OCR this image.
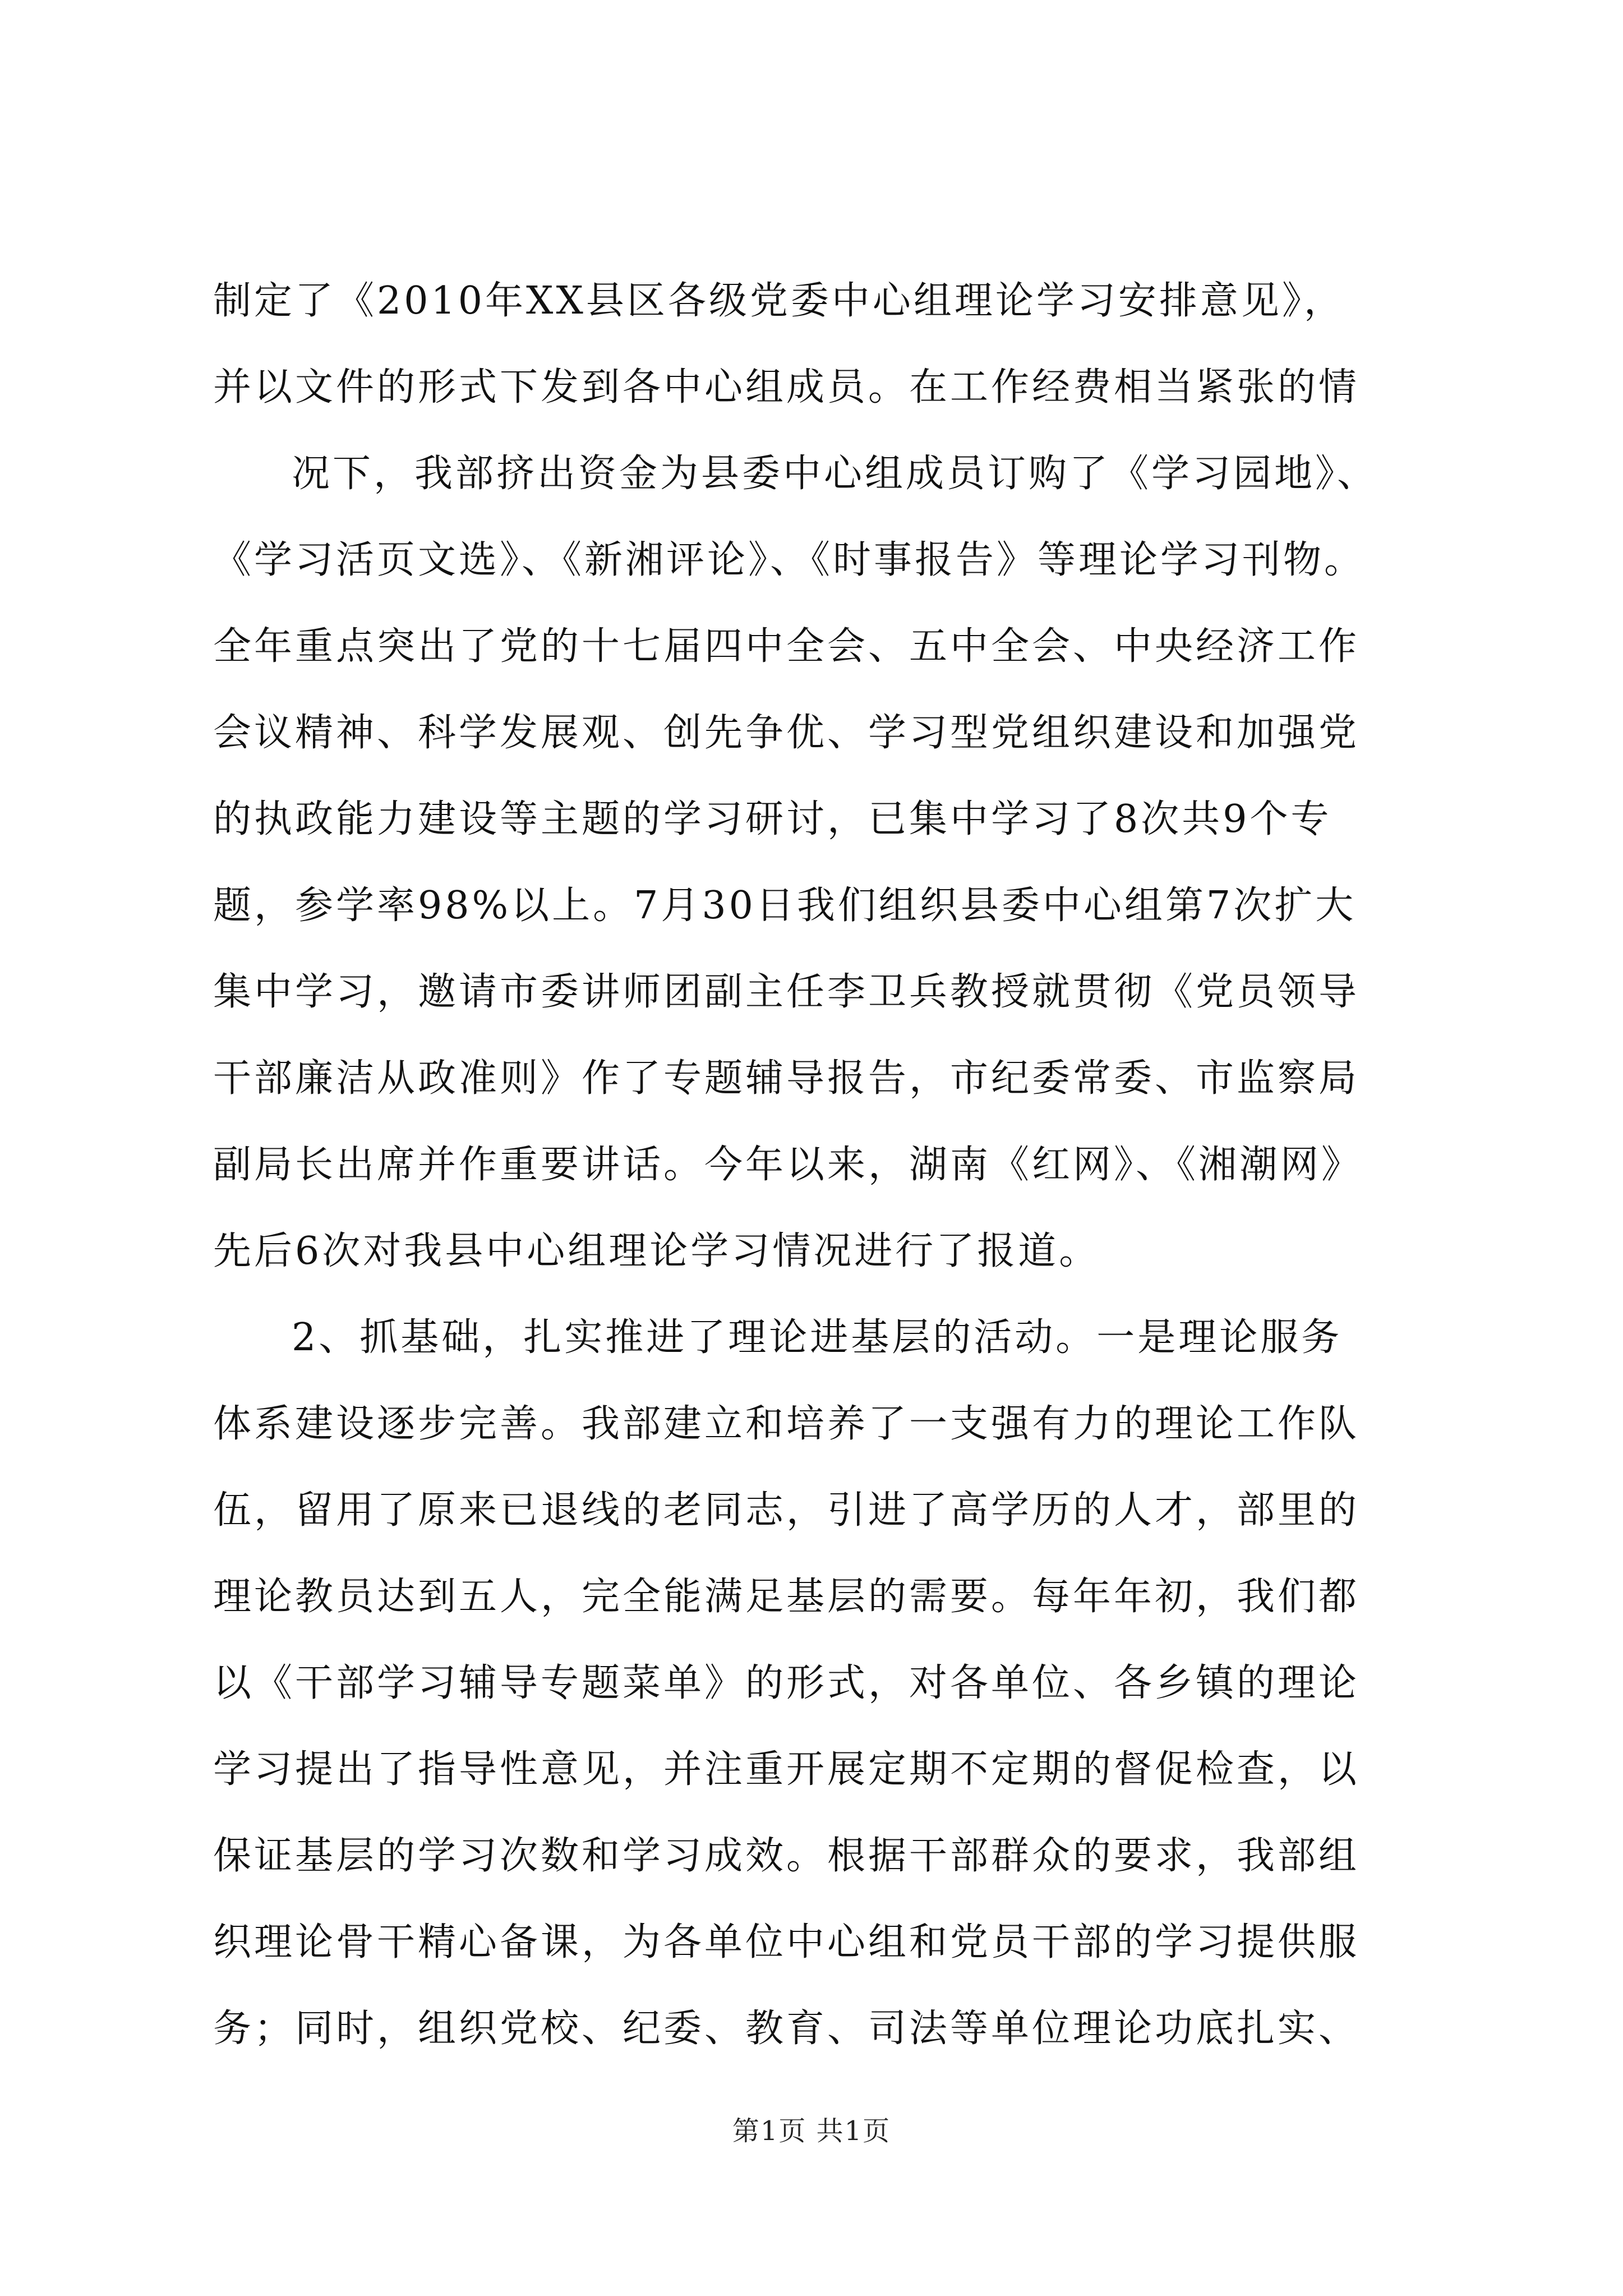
制定了《2010年XX县区各级党委中心组理论学习安排意见》，
并以文件的形式下发到各中心组成员。在工作经费相当紧张的情
况下，我部挤出资金为县委中心组成员订购了《学习园地》、
《学习活页文选》、《新湘评论》、《时事报告》等理论学习刊物。
全年重点突出了党的十七届四中全会、五中全会、中央经济工作
会议精神、科学发展观、创先争优、学习型党组织建设和加强党
的执政能力建设等主题的学习研讨，已集中学习了8次共9个专
题，参学率98%以上。7月30日我们组织县委中心组第7次扩大
集中学习，邀请市委讲师团副主任李卫兵教授就贯彻《党员领导
干部廉洁从政准则》作了专题辅导报告，市纪委常委、市监察局
副局长出席并作重要讲话。今年以来，湖南《红网》、《湘潮网》
先后6次对我县中心组理论学习情况进行了报道。
2、抓基础，扎实推进了理论进基层的活动。一是理论服务
体系建设逐步完善。我部建立和培养了一支强有力的理论工作队
伍，留用了原来已退线的老同志，引进了高学历的人才，部里的
理论教员达到五人，完全能满足基层的需要。每年年初，我们都
以《干部学习辅导专题菜单》的形式，对各单位、各乡镇的理论
学习提出了指导性意见，并注重开展定期不定期的督促检查，以
保证基层的学习次数和学习成效。根据干部群众的要求，我部组
织理论骨干精心备课，为各单位中心组和党员干部的学习提供服
务；同时，组织党校、纪委、教育、司法等单位理论功底扎实、
第1页 共1页
